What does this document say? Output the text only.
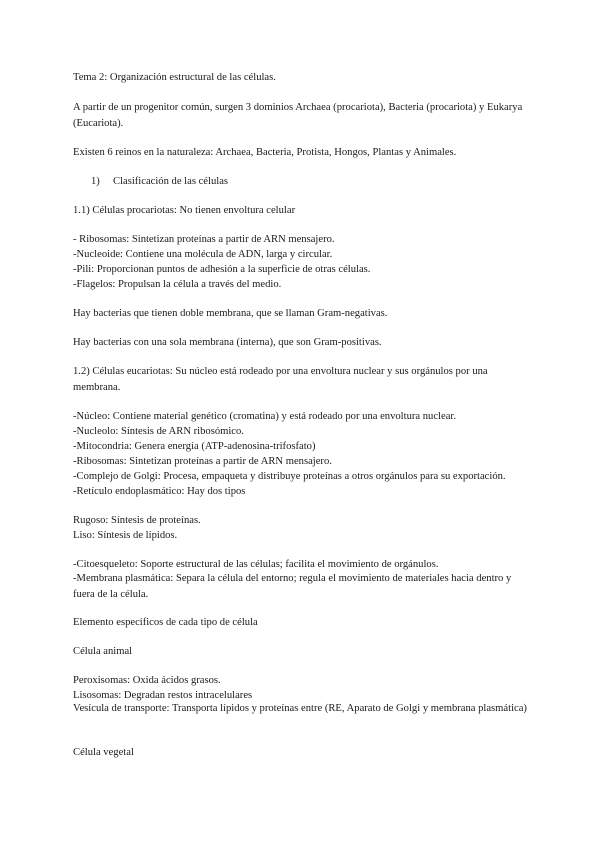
Tema 2: Organización estructural de las células.
A partir de un progenitor común, surgen 3 dominios Archaea (procariota), Bacteria (procariota) y Eukarya (Eucariota).
Existen 6 reinos en la naturaleza: Archaea, Bacteria, Protista, Hongos, Plantas y Animales.
1) Clasificación de las células
1.1) Células procariotas: No tienen envoltura celular
- Ribosomas: Sintetizan proteínas a partir de ARN mensajero.
-Nucleoide: Contiene una molécula de ADN, larga y circular.
-Pili: Proporcionan puntos de adhesión a la superficie de otras células.
-Flagelos: Propulsan la célula a través del medio.
Hay bacterias que tienen doble membrana, que se llaman Gram-negativas.
Hay bacterias con una sola membrana (interna), que son Gram-positivas.
1.2) Células eucariotas: Su núcleo está rodeado por una envoltura nuclear y sus orgánulos por una membrana.
-Núcleo: Contiene material genético (cromatina) y está rodeado por una envoltura nuclear.
-Nucleolo: Síntesis de ARN ribosómico.
-Mitocondria: Genera energía (ATP-adenosina-trifosfato)
-Ribosomas: Sintetizan proteínas a partir de ARN mensajero.
-Complejo de Golgi: Procesa, empaqueta y distribuye proteínas a otros orgánulos para su exportación.
-Retículo endoplasmático: Hay dos tipos
Rugoso: Síntesis de proteínas.
Liso: Síntesis de lípidos.
-Citoesqueleto: Soporte estructural de las células; facilita el movimiento de orgánulos.
-Membrana plasmática: Separa la célula del entorno; regula el movimiento de materiales hacia dentro y fuera de la célula.
Elemento específicos de cada tipo de célula
Célula animal
Peroxisomas: Oxida ácidos grasos.
Lisosomas: Degradan restos intracelulares
Vesícula de transporte: Transporta lípidos y proteínas entre (RE, Aparato de Golgi y membrana plasmática)
Célula vegetal
